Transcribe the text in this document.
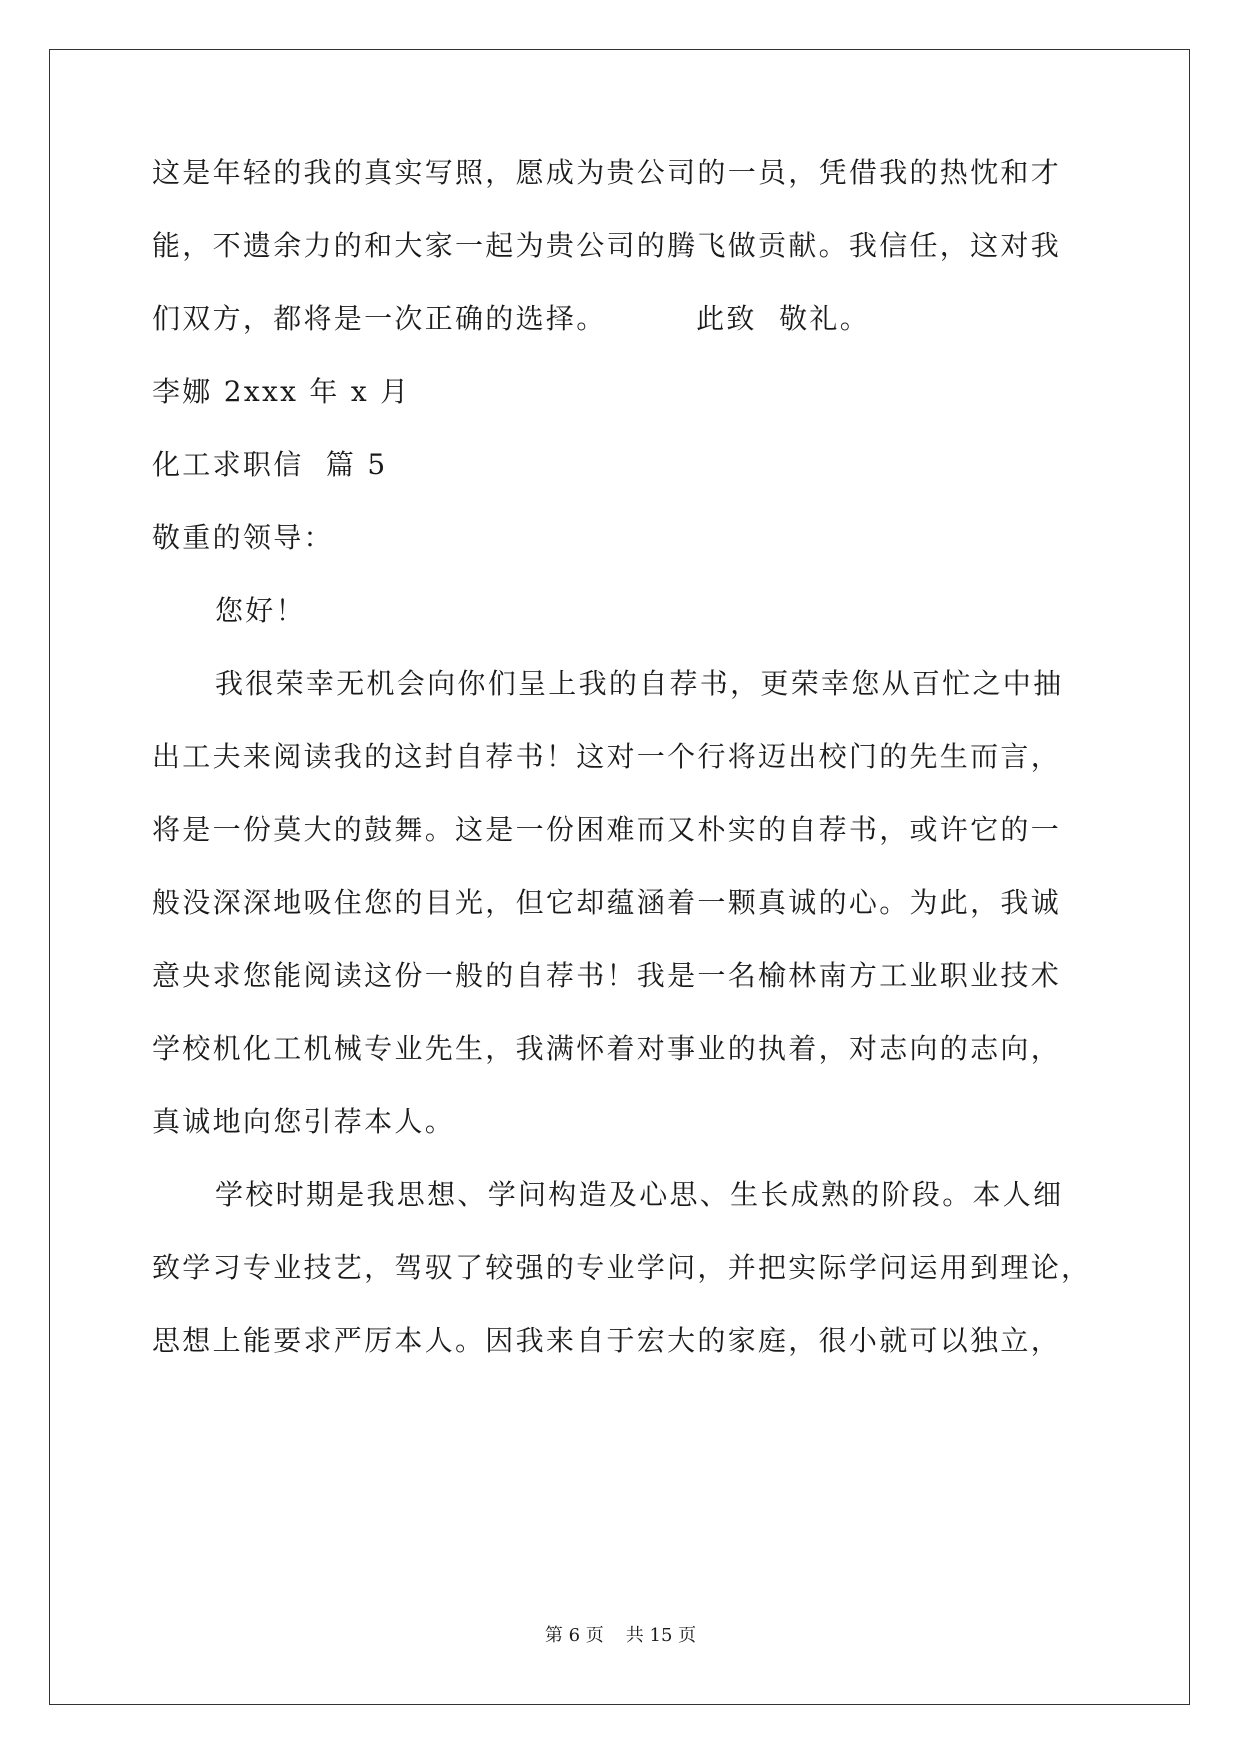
这是年轻的我的真实写照，愿成为贵公司的一员，凭借我的热忱和才
能，不遗余力的和大家一起为贵公司的腾飞做贡献。我信任，这对我
们双方，都将是一次正确的选择。        此致  敬礼。
李娜 2xxx 年 x 月
化工求职信  篇 5
敬重的领导：
您好！
我很荣幸无机会向你们呈上我的自荐书，更荣幸您从百忙之中抽
出工夫来阅读我的这封自荐书！这对一个行将迈出校门的先生而言，
将是一份莫大的鼓舞。这是一份困难而又朴实的自荐书，或许它的一
般没深深地吸住您的目光，但它却蕴涵着一颗真诚的心。为此，我诚
意央求您能阅读这份一般的自荐书！我是一名榆林南方工业职业技术
学校机化工机械专业先生，我满怀着对事业的执着，对志向的志向，
真诚地向您引荐本人。
学校时期是我思想、学问构造及心思、生长成熟的阶段。本人细
致学习专业技艺，驾驭了较强的专业学问，并把实际学问运用到理论，
思想上能要求严厉本人。因我来自于宏大的家庭，很小就可以独立，
第 6 页 共 15 页
